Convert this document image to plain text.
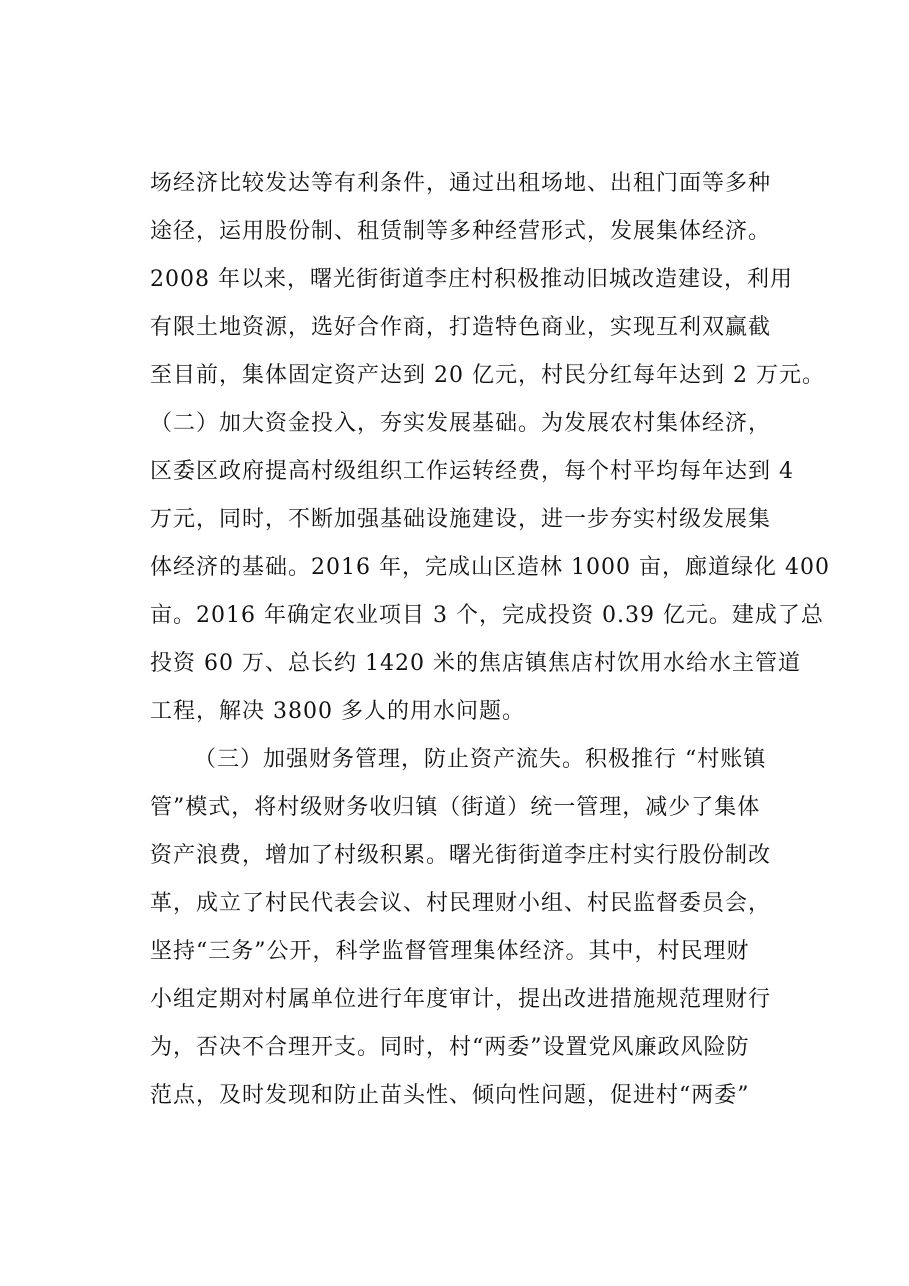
场经济比较发达等有利条件，通过出租场地、出租门面等多种
途径，运用股份制、租赁制等多种经营形式，发展集体经济。
2008 年以来，曙光街街道李庄村积极推动旧城改造建设，利用
有限土地资源，选好合作商，打造特色商业，实现互利双赢截
至目前，集体固定资产达到 20 亿元，村民分红每年达到 2 万元。
（二）加大资金投入，夯实发展基础。为发展农村集体经济，
区委区政府提高村级组织工作运转经费，每个村平均每年达到 4
万元，同时，不断加强基础设施建设，进一步夯实村级发展集
体经济的基础。2016 年，完成山区造林 1000 亩，廊道绿化 400
亩。2016 年确定农业项目 3 个，完成投资 0.39 亿元。建成了总
投资 60 万、总长约 1420 米的焦店镇焦店村饮用水给水主管道
工程，解决 3800 多人的用水问题。
（三）加强财务管理，防止资产流失。积极推行 “村账镇
管”模式，将村级财务收归镇（街道）统一管理，减少了集体
资产浪费，增加了村级积累。曙光街街道李庄村实行股份制改
革，成立了村民代表会议、村民理财小组、村民监督委员会，
坚持“三务”公开，科学监督管理集体经济。其中，村民理财
小组定期对村属单位进行年度审计，提出改进措施规范理财行
为，否决不合理开支。同时，村“两委”设置党风廉政风险防
范点，及时发现和防止苗头性、倾向性问题，促进村“两委”
